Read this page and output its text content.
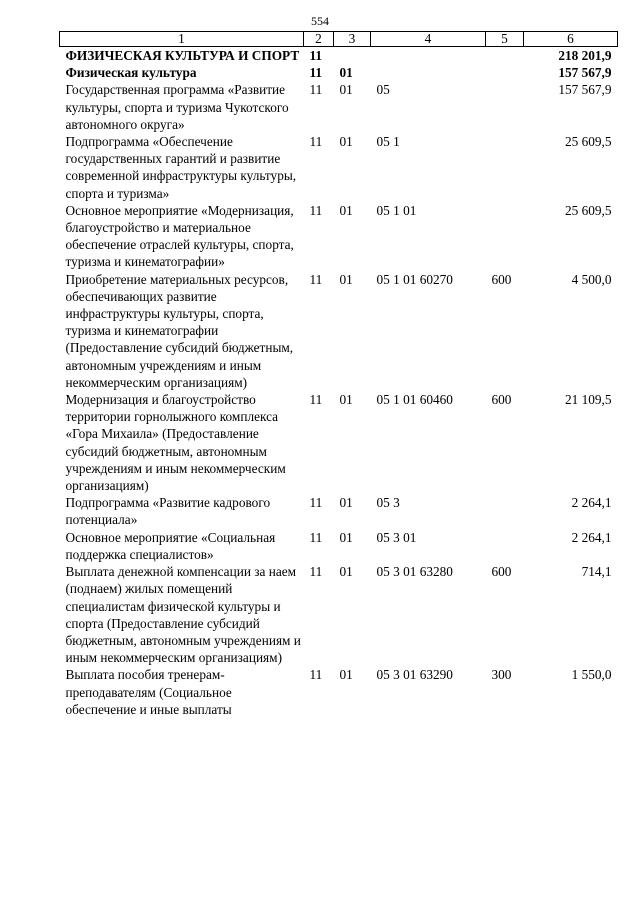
554
1	2	3	4	5	6
ФИЗИЧЕСКАЯ КУЛЬТУРА И СПОРТ	11				218 201,9
Физическая культура	11	01			157 567,9
Государственная программа «Развитие культуры, спорта и туризма Чукотского автономного округа»	11	01	05		157 567,9
Подпрограмма «Обеспечение государственных гарантий и развитие современной инфраструктуры культуры, спорта и туризма»	11	01	05 1		25 609,5
Основное мероприятие «Модернизация, благоустройство и материальное обеспечение отраслей культуры, спорта, туризма и кинематографии»	11	01	05 1 01		25 609,5
Приобретение материальных ресурсов, обеспечивающих развитие инфраструктуры культуры, спорта, туризма и кинематографии (Предоставление субсидий бюджетным, автономным учреждениям и иным некоммерческим организациям)	11	01	05 1 01 60270	600	4 500,0
Модернизация и благоустройство территории горнолыжного комплекса «Гора Михаила» (Предоставление субсидий бюджетным, автономным учреждениям и иным некоммерческим организациям)	11	01	05 1 01 60460	600	21 109,5
Подпрограмма «Развитие кадрового потенциала»	11	01	05 3		2 264,1
Основное мероприятие «Социальная поддержка специалистов»	11	01	05 3 01		2 264,1
Выплата денежной компенсации за наем (поднаем) жилых помещений специалистам физической культуры и спорта (Предоставление субсидий бюджетным, автономным учреждениям и иным некоммерческим организациям)	11	01	05 3 01 63280	600	714,1
Выплата пособия тренерам-преподавателям (Социальное обеспечение и иные выплаты	11	01	05 3 01 63290	300	1 550,0
